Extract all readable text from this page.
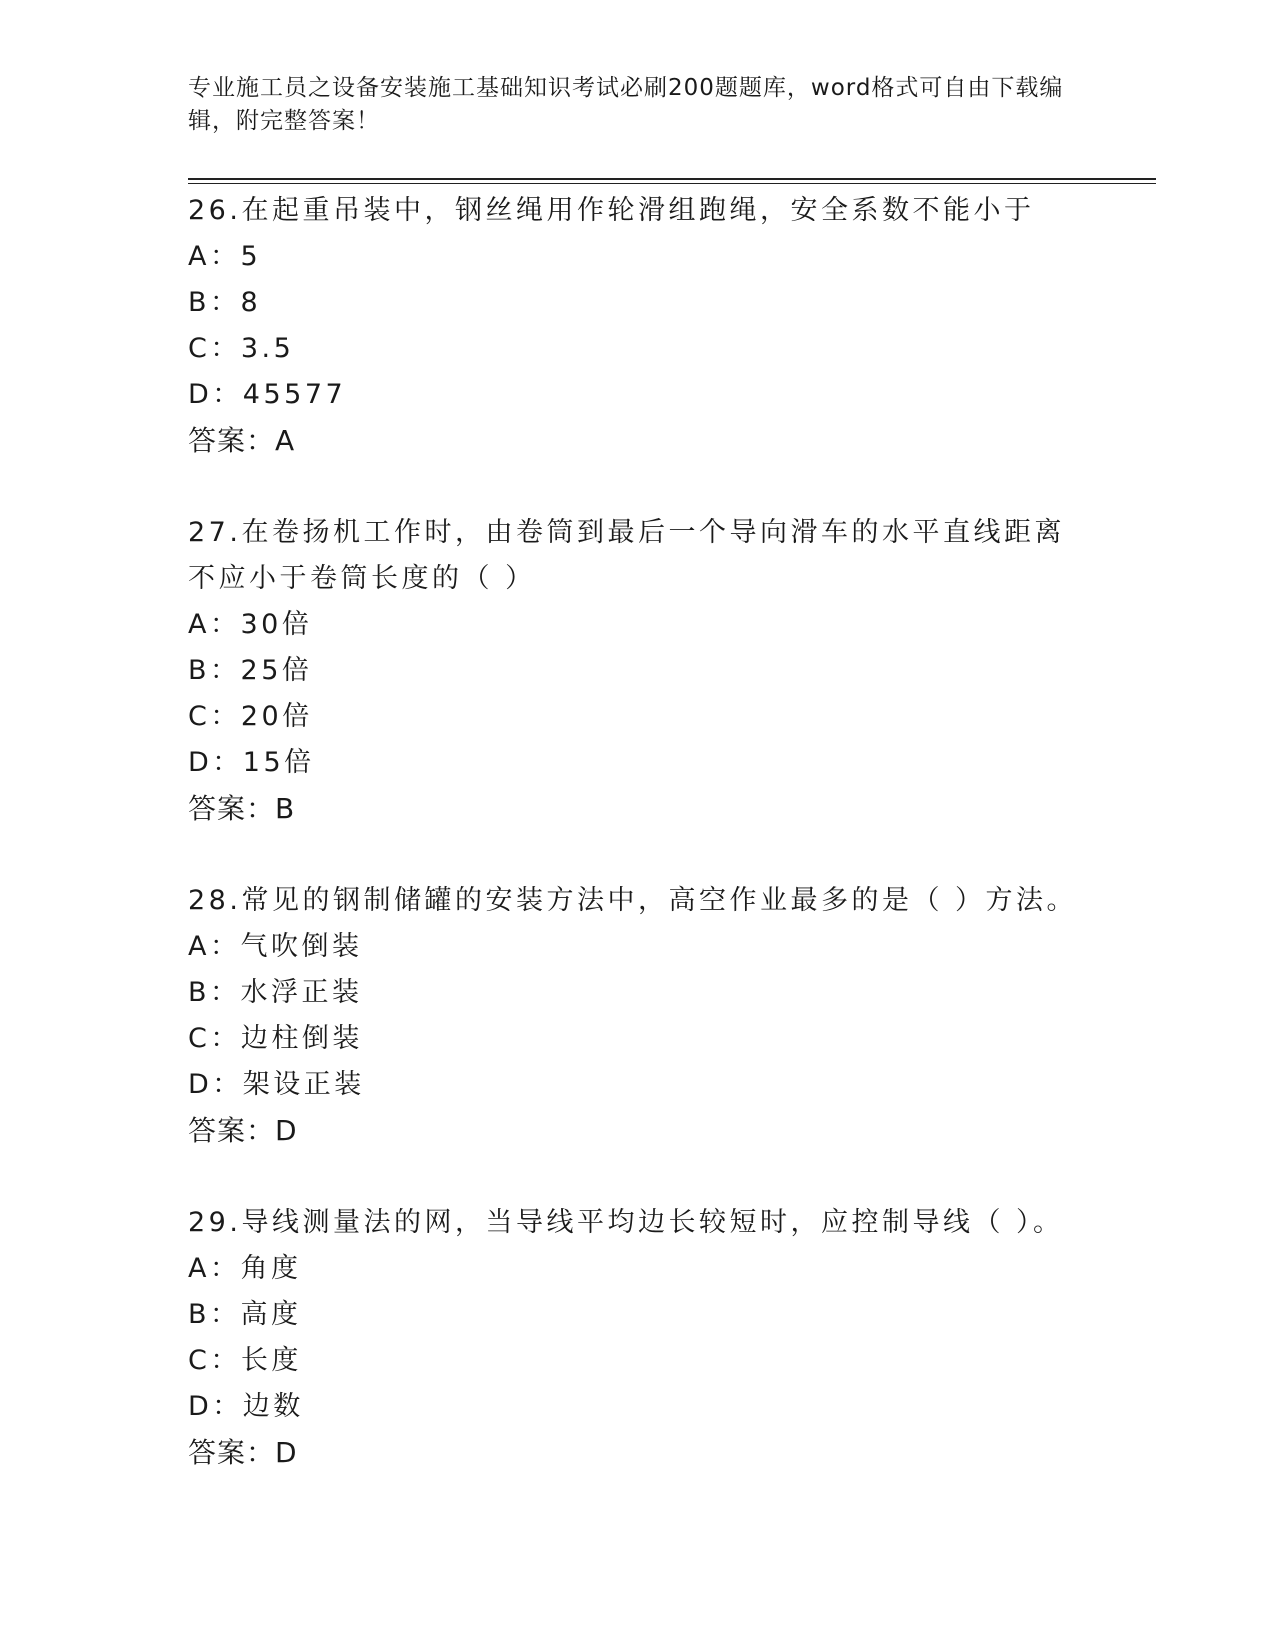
专业施工员之设备安装施工基础知识考试必刷200题题库，word格式可自由下载编辑，附完整答案！
26.在起重吊装中，钢丝绳用作轮滑组跑绳，安全系数不能小于
A：5
B：8
C：3.5
D：45577
答案：A
27.在卷扬机工作时，由卷筒到最后一个导向滑车的水平直线距离不应小于卷筒长度的（ ）
A：30倍
B：25倍
C：20倍
D：15倍
答案：B
28.常见的钢制储罐的安装方法中，高空作业最多的是（ ）方法。
A：气吹倒装
B：水浮正装
C：边柱倒装
D：架设正装
答案：D
29.导线测量法的网，当导线平均边长较短时，应控制导线（ ）。
A：角度
B：高度
C：长度
D：边数
答案：D
